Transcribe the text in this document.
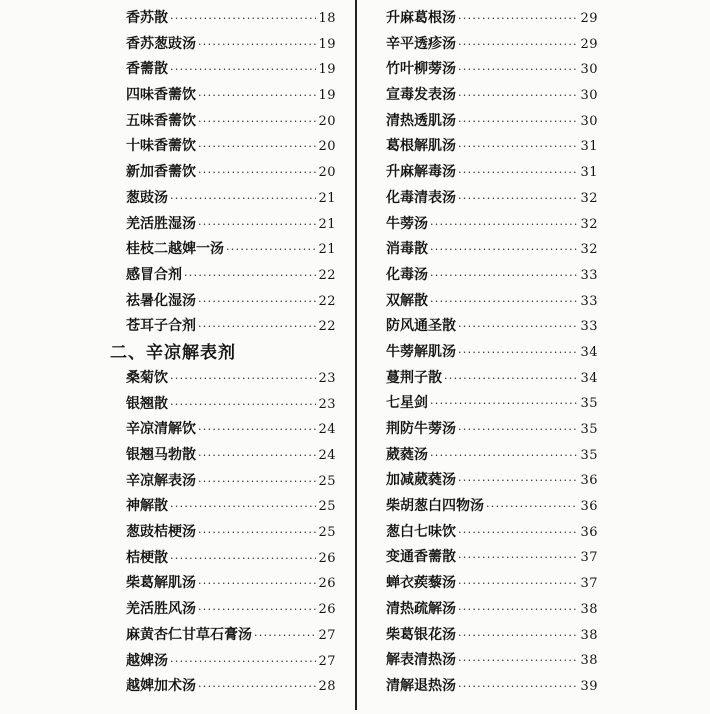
香苏散 ·····	18
香苏葱豉汤 ·····	19
香薷散 ·····	19
四味香薷饮 ·····	19
五味香薷饮 ·····	20
十味香薷饮 ·····	20
新加香薷饮 ·····	20
葱豉汤 ·····	21
羌活胜湿汤 ·····	21
桂枝二越婢一汤 ·····	21
感冒合剂 ·····	22
祛暑化湿汤 ·····	22
苍耳子合剂 ·····	22
二、辛凉解表剂
桑菊饮 ·····	23
银翘散 ·····	23
辛凉清解饮 ·····	24
银翘马勃散 ·····	24
辛凉解表汤 ·····	25
神解散 ·····	25
葱豉桔梗汤 ·····	25
桔梗散 ·····	26
柴葛解肌汤 ·····	26
羌活胜风汤 ·····	26
麻黄杏仁甘草石膏汤 ·····	27
越婢汤 ·····	27
越婢加术汤 ·····	28
升麻葛根汤 ·····	29
辛平透疹汤 ·····	29
竹叶柳蒡汤 ·····	30
宣毒发表汤 ·····	30
清热透肌汤 ·····	30
葛根解肌汤 ·····	31
升麻解毒汤 ·····	31
化毒清表汤 ·····	32
牛蒡汤 ·····	32
消毒散 ·····	32
化毒汤 ·····	33
双解散 ·····	33
防风通圣散 ·····	33
牛蒡解肌汤 ·····	34
蔓荆子散 ·····	34
七星剑 ·····	35
荆防牛蒡汤 ·····	35
葳蕤汤 ·····	35
加减葳蕤汤 ·····	36
柴胡葱白四物汤 ·····	36
葱白七味饮 ·····	36
变通香薷散 ·····	37
蝉衣蒺藜汤 ·····	37
清热疏解汤 ·····	38
柴葛银花汤 ·····	38
解表清热汤 ·····	38
清解退热汤 ·····	39
